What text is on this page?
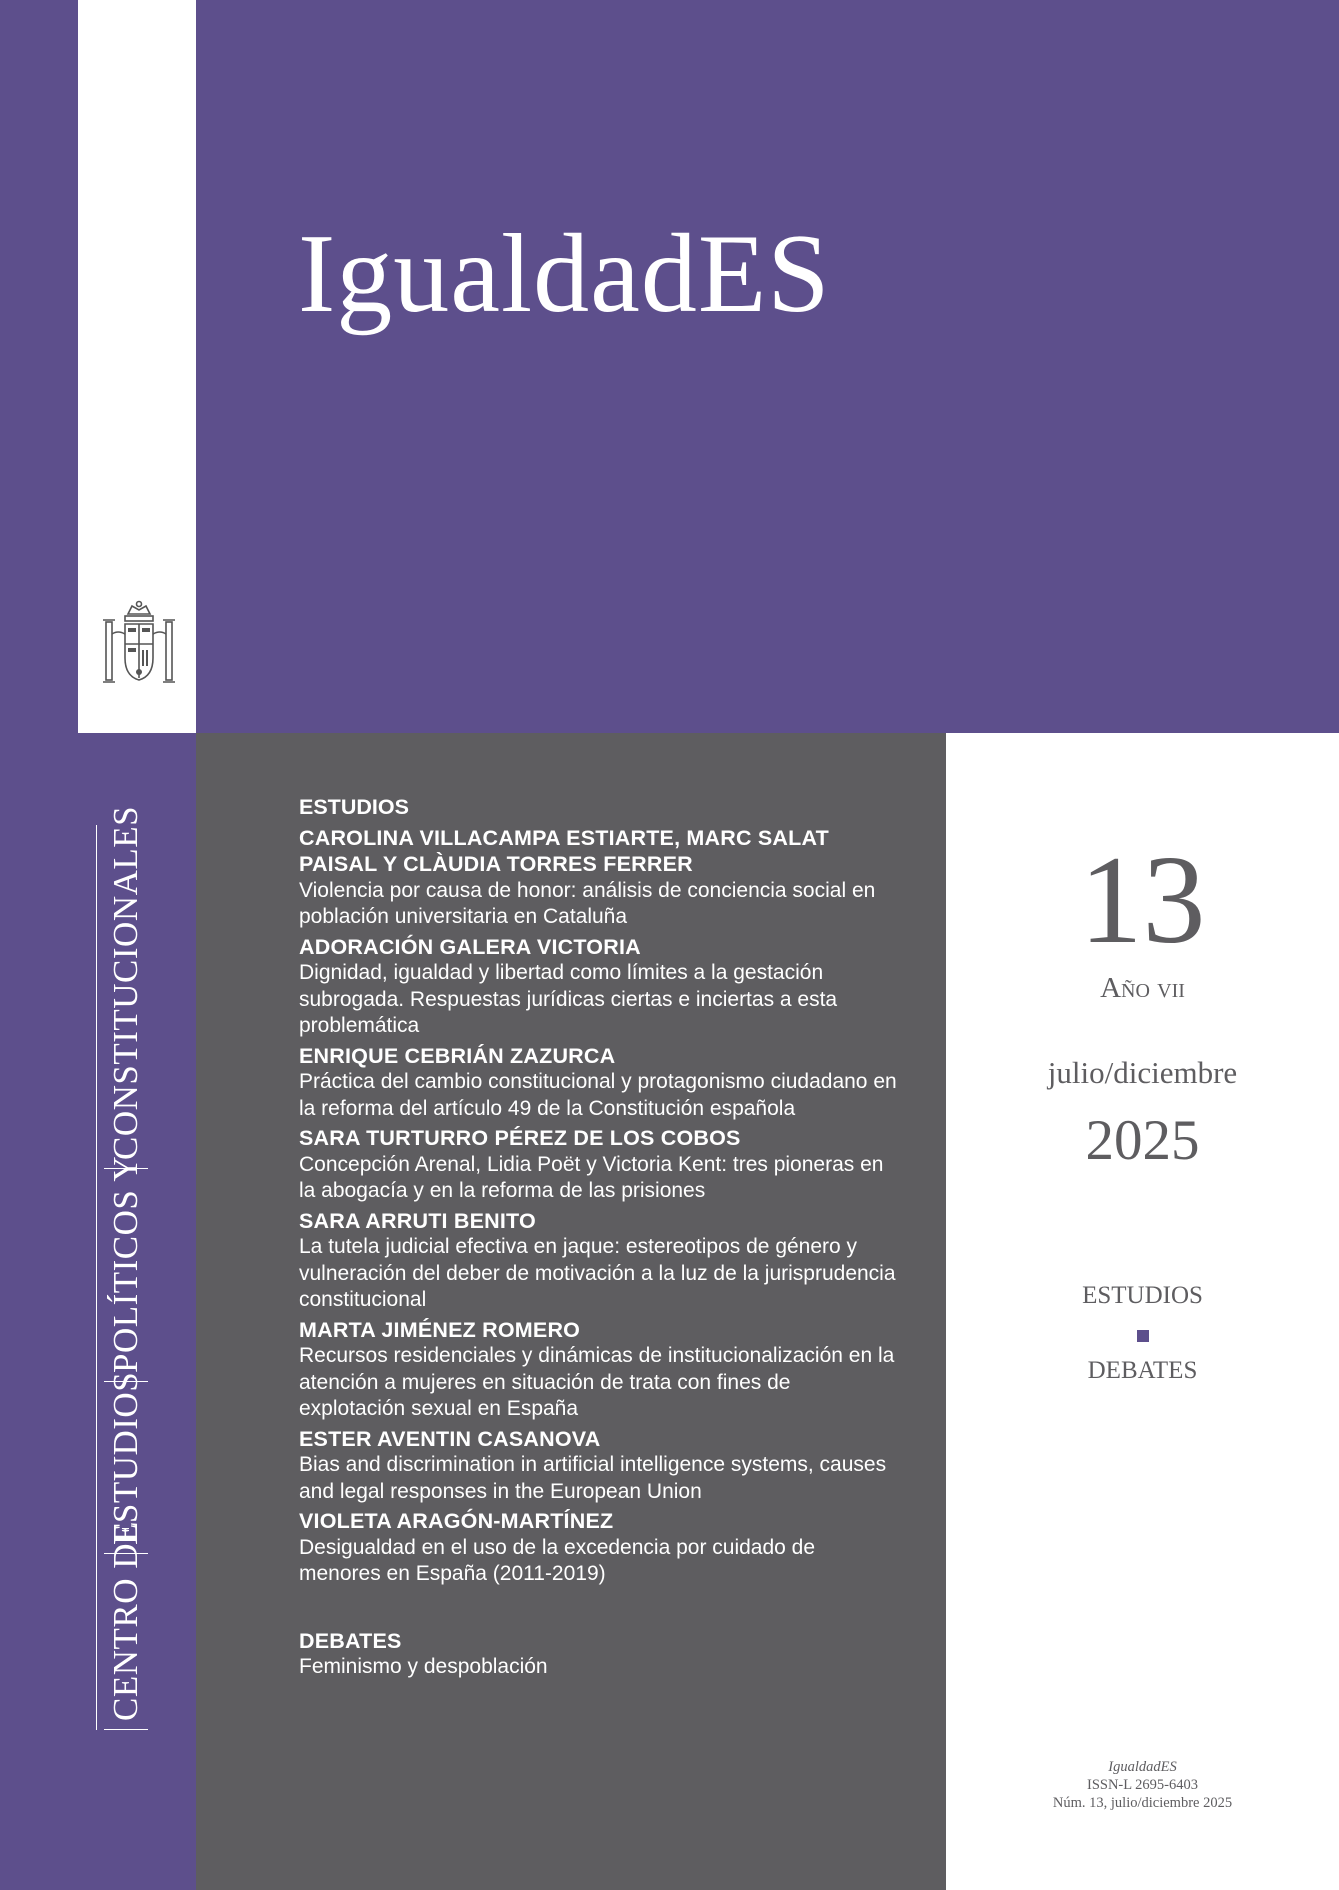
IgualdadES
CENTRO DE
ESTUDIOS
POLÍTICOS Y
CONSTITUCIONALES	ESTUDIOS
CAROLINA VILLACAMPA ESTIARTE, MARC SALAT PAISAL Y CLÀUDIA TORRES FERRER
Violencia por causa de honor: análisis de conciencia social en población universitaria en Cataluña
ADORACIÓN GALERA VICTORIA
Dignidad, igualdad y libertad como límites a la gestación subrogada. Respuestas jurídicas ciertas e inciertas a esta problemática
ENRIQUE CEBRIÁN ZAZURCA
Práctica del cambio constitucional y protagonismo ciudadano en la reforma del artículo 49 de la Constitución española
SARA TURTURRO PÉREZ DE LOS COBOS
Concepción Arenal, Lidia Poët y Victoria Kent: tres pioneras en la abogacía y en la reforma de las prisiones
SARA ARRUTI BENITO
La tutela judicial efectiva en jaque: estereotipos de género y vulneración del deber de motivación a la luz de la jurisprudencia constitucional
MARTA JIMÉNEZ ROMERO
Recursos residenciales y dinámicas de institucionalización en la atención a mujeres en situación de trata con fines de explotación sexual en España
ESTER AVENTIN CASANOVA
Bias and discrimination in artificial intelligence systems, causes and legal responses in the European Union
VIOLETA ARAGÓN-MARTÍNEZ
Desigualdad en el uso de la excedencia por cuidado de menores en España (2011-2019)
DEBATES
Feminismo y despoblación
13
Año vii
julio/diciembre
2025
ESTUDIOS
DEBATES
IgualdadES
ISSN-L 2695-6403
Núm. 13, julio/diciembre 2025
